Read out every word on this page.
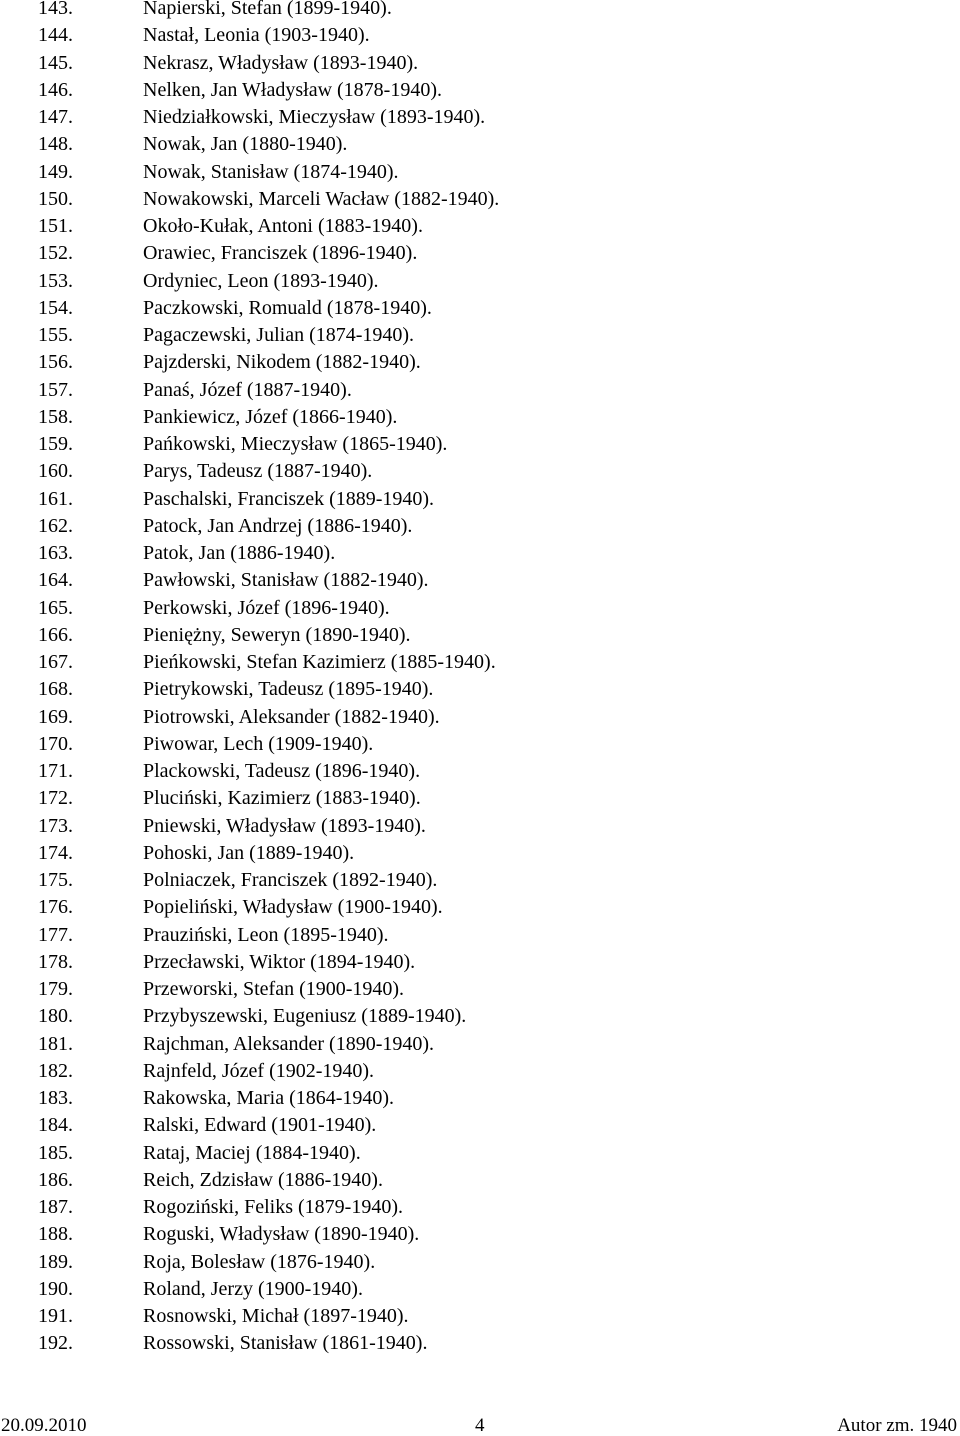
143.	Napierski, Stefan (1899-1940).
144.	Nastał, Leonia (1903-1940).
145.	Nekrasz, Władysław (1893-1940).
146.	Nelken, Jan Władysław (1878-1940).
147.	Niedziałkowski, Mieczysław (1893-1940).
148.	Nowak, Jan (1880-1940).
149.	Nowak, Stanisław (1874-1940).
150.	Nowakowski, Marceli Wacław (1882-1940).
151.	Około-Kułak, Antoni (1883-1940).
152.	Orawiec, Franciszek (1896-1940).
153.	Ordyniec, Leon (1893-1940).
154.	Paczkowski, Romuald (1878-1940).
155.	Pagaczewski, Julian (1874-1940).
156.	Pajzderski, Nikodem (1882-1940).
157.	Panaś, Józef (1887-1940).
158.	Pankiewicz, Józef (1866-1940).
159.	Pańkowski, Mieczysław (1865-1940).
160.	Parys, Tadeusz (1887-1940).
161.	Paschalski, Franciszek (1889-1940).
162.	Patock, Jan Andrzej (1886-1940).
163.	Patok, Jan (1886-1940).
164.	Pawłowski, Stanisław (1882-1940).
165.	Perkowski, Józef (1896-1940).
166.	Pieniężny, Seweryn (1890-1940).
167.	Pieńkowski, Stefan Kazimierz (1885-1940).
168.	Pietrykowski, Tadeusz (1895-1940).
169.	Piotrowski, Aleksander (1882-1940).
170.	Piwowar, Lech (1909-1940).
171.	Plackowski, Tadeusz (1896-1940).
172.	Pluciński, Kazimierz (1883-1940).
173.	Pniewski, Władysław (1893-1940).
174.	Pohoski, Jan (1889-1940).
175.	Polniaczek, Franciszek (1892-1940).
176.	Popieliński, Władysław (1900-1940).
177.	Prauziński, Leon (1895-1940).
178.	Przecławski, Wiktor (1894-1940).
179.	Przeworski, Stefan (1900-1940).
180.	Przybyszewski, Eugeniusz (1889-1940).
181.	Rajchman, Aleksander (1890-1940).
182.	Rajnfeld, Józef (1902-1940).
183.	Rakowska, Maria (1864-1940).
184.	Ralski, Edward (1901-1940).
185.	Rataj, Maciej (1884-1940).
186.	Reich, Zdzisław (1886-1940).
187.	Rogoziński, Feliks (1879-1940).
188.	Roguski, Władysław (1890-1940).
189.	Roja, Bolesław (1876-1940).
190.	Roland, Jerzy (1900-1940).
191.	Rosnowski, Michał (1897-1940).
192.	Rossowski, Stanisław (1861-1940).
20.09.2010	4	Autor zm. 1940
